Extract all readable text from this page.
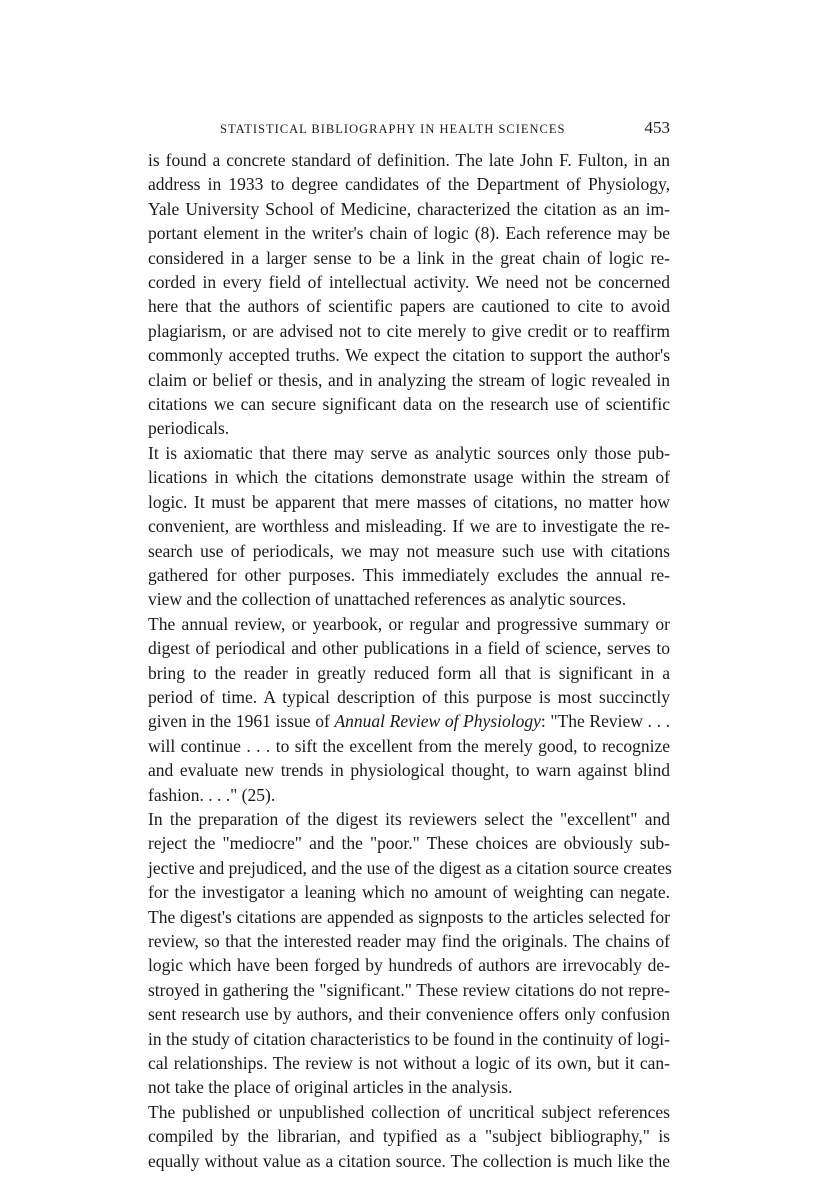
STATISTICAL BIBLIOGRAPHY IN HEALTH SCIENCES	453
is found a concrete standard of definition. The late John F. Fulton, in an
address in 1933 to degree candidates of the Department of Physiology,
Yale University School of Medicine, characterized the citation as an im-
portant element in the writer's chain of logic (8). Each reference may be
considered in a larger sense to be a link in the great chain of logic re-
corded in every field of intellectual activity. We need not be concerned
here that the authors of scientific papers are cautioned to cite to avoid
plagiarism, or are advised not to cite merely to give credit or to reaffirm
commonly accepted truths. We expect the citation to support the author's
claim or belief or thesis, and in analyzing the stream of logic revealed in
citations we can secure significant data on the research use of scientific
periodicals.
It is axiomatic that there may serve as analytic sources only those pub-
lications in which the citations demonstrate usage within the stream of
logic. It must be apparent that mere masses of citations, no matter how
convenient, are worthless and misleading. If we are to investigate the re-
search use of periodicals, we may not measure such use with citations
gathered for other purposes. This immediately excludes the annual re-
view and the collection of unattached references as analytic sources.
The annual review, or yearbook, or regular and progressive summary or
digest of periodical and other publications in a field of science, serves to
bring to the reader in greatly reduced form all that is significant in a
period of time. A typical description of this purpose is most succinctly
given in the 1961 issue of Annual Review of Physiology: "The Review . . .
will continue . . . to sift the excellent from the merely good, to recognize
and evaluate new trends in physiological thought, to warn against blind
fashion. . . ." (25).
In the preparation of the digest its reviewers select the "excellent" and
reject the "mediocre" and the "poor." These choices are obviously sub-
jective and prejudiced, and the use of the digest as a citation source creates
for the investigator a leaning which no amount of weighting can negate.
The digest's citations are appended as signposts to the articles selected for
review, so that the interested reader may find the originals. The chains of
logic which have been forged by hundreds of authors are irrevocably de-
stroyed in gathering the "significant." These review citations do not repre-
sent research use by authors, and their convenience offers only confusion
in the study of citation characteristics to be found in the continuity of logi-
cal relationships. The review is not without a logic of its own, but it can-
not take the place of original articles in the analysis.
The published or unpublished collection of uncritical subject references
compiled by the librarian, and typified as a "subject bibliography," is
equally without value as a citation source. The collection is much like the
